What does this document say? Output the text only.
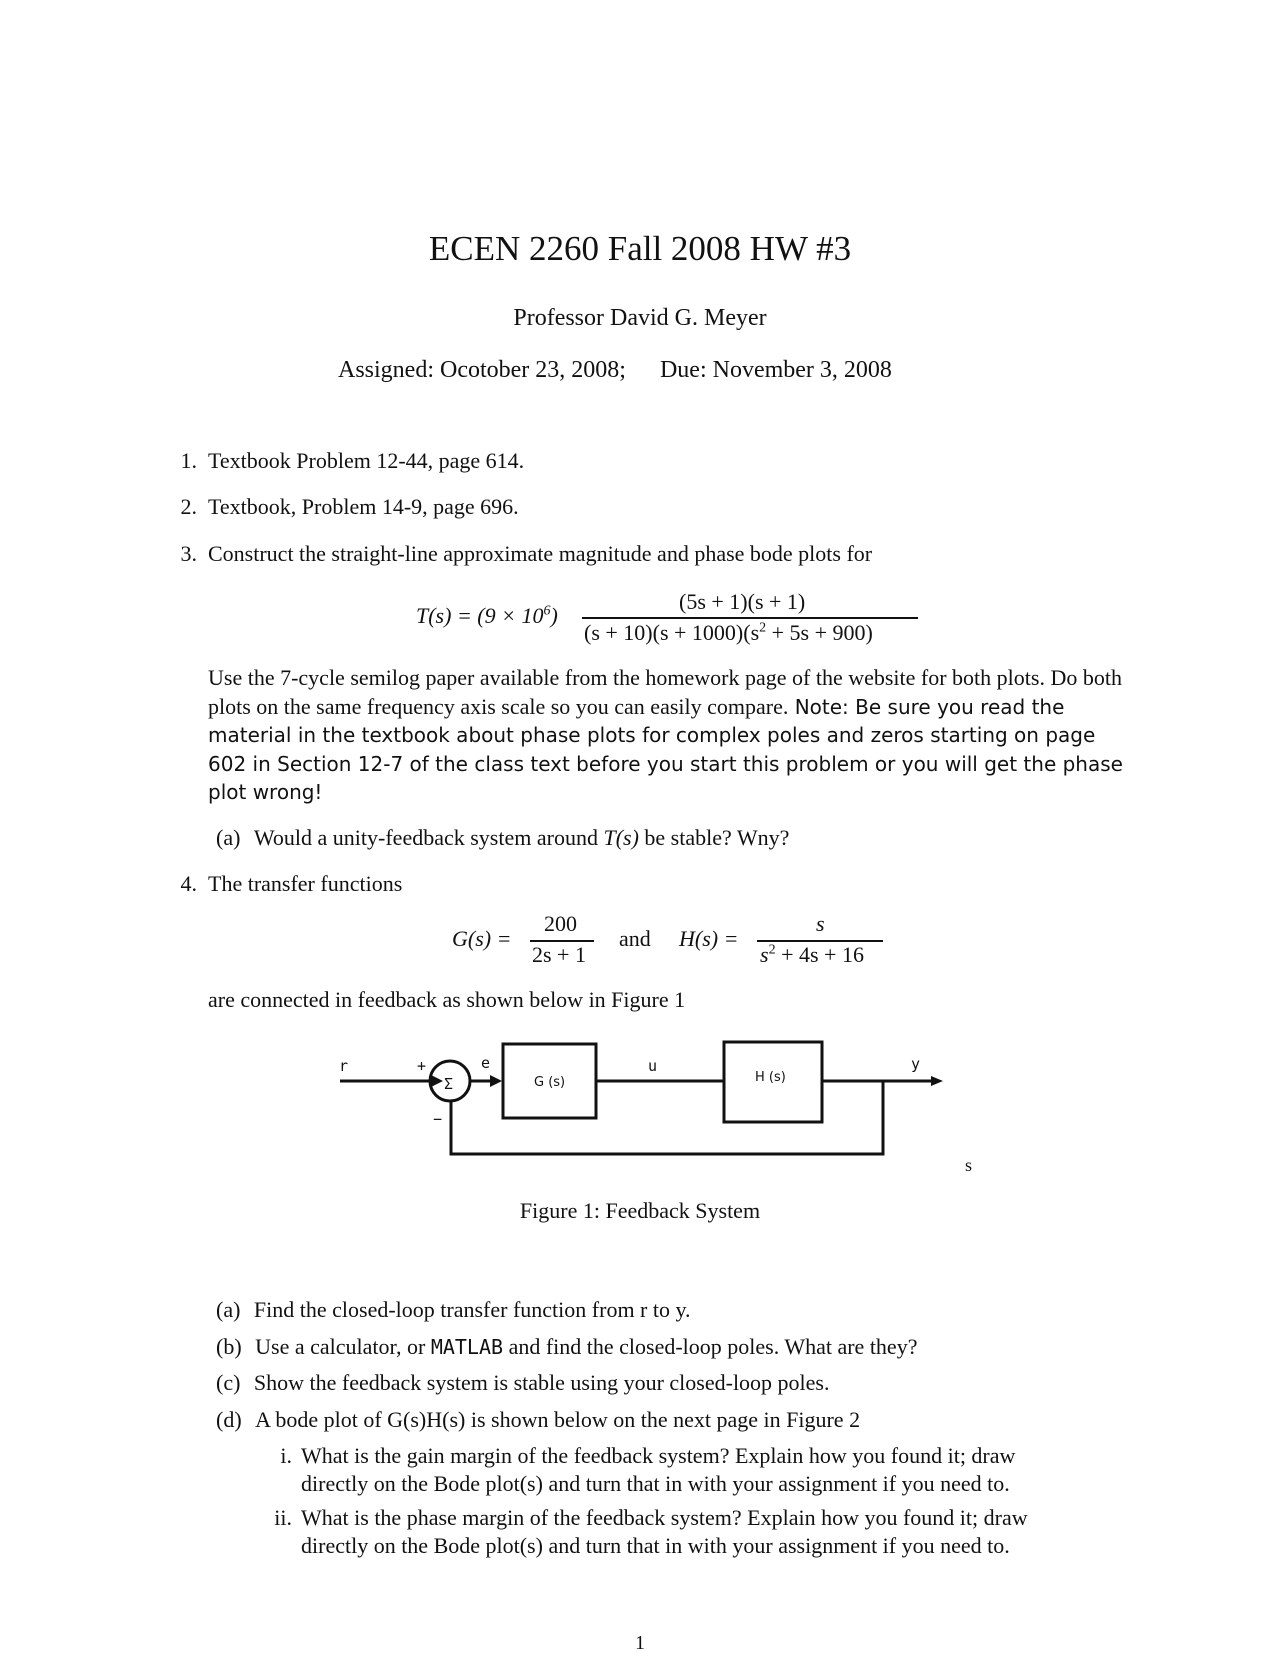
ECEN 2260 Fall 2008 HW #3
Professor David G. Meyer
Assigned: Ocotober 23, 2008; Due: November 3, 2008
1. Textbook Problem 12-44, page 614.
2. Textbook, Problem 14-9, page 696.
3. Construct the straight-line approximate magnitude and phase bode plots for
$T(s) = (9 \times 10^6)$
(5s + 1)(s + 1)
$(s + 10)(s + 1000)(s^2 + 5s + 900)$
Use the 7-cycle semilog paper available from the homework page of the website for both plots. Do both plots on the same frequency axis scale so you can easily compare. Note: Be sure you read the material in the textbook about phase plots for complex poles and zeros starting on page 602 in Section 12-7 of the class text before you start this problem or you will get the phase plot wrong!
(a) Would a unity-feedback system around T(s) be stable? Wny?
4. The transfer functions
G(s) =
200
2s + 1
and H(s) =
s
$s^2 + 4s + 16$
are connected in feedback as shown below in Figure 1
r	+
−
Σ
e
G (s)
u
H (s)
y
s
Figure 1: Feedback System
(a) Find the closed-loop transfer function from r to y.
(b) Use a calculator, or MATLAB and find the closed-loop poles. What are they?
(c) Show the feedback system is stable using your closed-loop poles.
(d) A bode plot of G(s)H(s) is shown below on the next page in Figure 2
i. What is the gain margin of the feedback system? Explain how you found it; draw
directly on the Bode plot(s) and turn that in with your assignment if you need to.
ii. What is the phase margin of the feedback system? Explain how you found it; draw
directly on the Bode plot(s) and turn that in with your assignment if you need to.
1
